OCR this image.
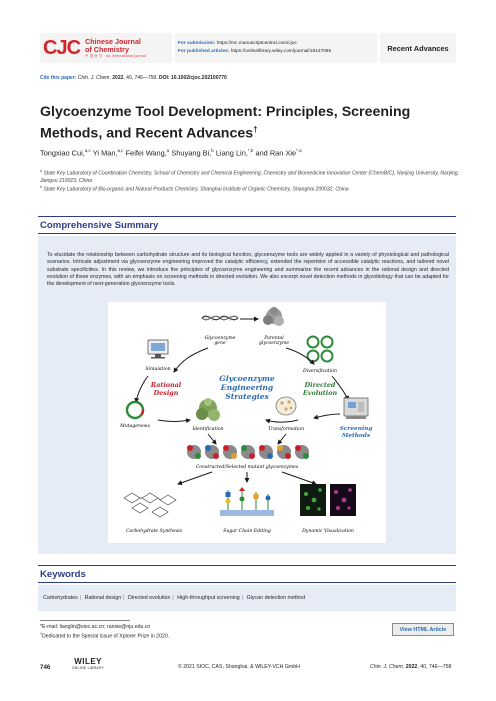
CJC Chinese Journal
of Chemistry
中 国 化 学 · An international journal
For submission: https://mc.manuscriptcentral.com/cjoc
For published articles: https://onlinelibrary.wiley.com/journal/16147065	Recent Advances
Cite this paper: Chin. J. Chem. 2022, 40, 746—758. DOI: 10.1002/cjoc.202100770
Glycoenzyme Tool Development: Principles, Screening Methods, and Recent Advances†
Tongxiao Cui,$^{a,c}$ Yi Man,$^{a,c}$ Feifei Wang,$^a$ Shuyang Bi,$^b$ Liang Lin,$^{*,b}$ and Ran Xie$^{*,a}$
$^a$ State Key Laboratory of Coordination Chemistry, School of Chemistry and Chemical Engineering, Chemistry and Biomedicine Innovation Center (ChemBIC), Nanjing University, Nanjing, Jiangsu 210023, China
$^b$ State Key Laboratory of Bio-organic and Natural Products Chemistry, Shanghai Institute of Organic Chemistry, Shanghai 200032, China
Comprehensive Summary

To elucidate the relationship between carbohydrate structure and its biological function, glycoenzyme tools are widely applied in a variety of physiological and pathological scenarios. Intricate adjustment via glycoenzyme engineering improved the catalytic efficiency, extended the repertoire of accessible catalytic reactions, and tailored novel substrate specificities. In this review, we introduce the principles of glycoenzyme engineering and summarize the recent advances in the rational design and directed evolution of these enzymes, with an emphasis on screening methods in directed evolution. We also excerpt novel detection methods in glycobiology that can be adapted for the development of next-generation glycoenzyme tools.

Glycoenzyme
gene
Parental
glycoenzyme
Simulation	Diversification
Rational
Design
Directed
Evolution
Glycoenzyme
Engineering
Strategies
Mutagenesis
Identification	Transformation	Screening
Methods
Constructed/Selected mutant glycoenzymes
Carbohydrate Synthesis	Sugar Chain Editing	Dynamic Visualization
Keywords
Carbohydrates | Rational design | Directed evolution | High-throughput screening | Glycan detection method
*E-mail: lianglin@sioc.ac.cn; ranxie@nju.edu.cn
†Dedicated to the Special Issue of Xplorer Prize in 2020.
View HTML Article
746
WILEY
ONLINE LIBRARY	© 2021 SIOC, CAS, Shanghai, & WILEY-VCH GmbH	Chin. J. Chem. 2022, 40, 746—758
